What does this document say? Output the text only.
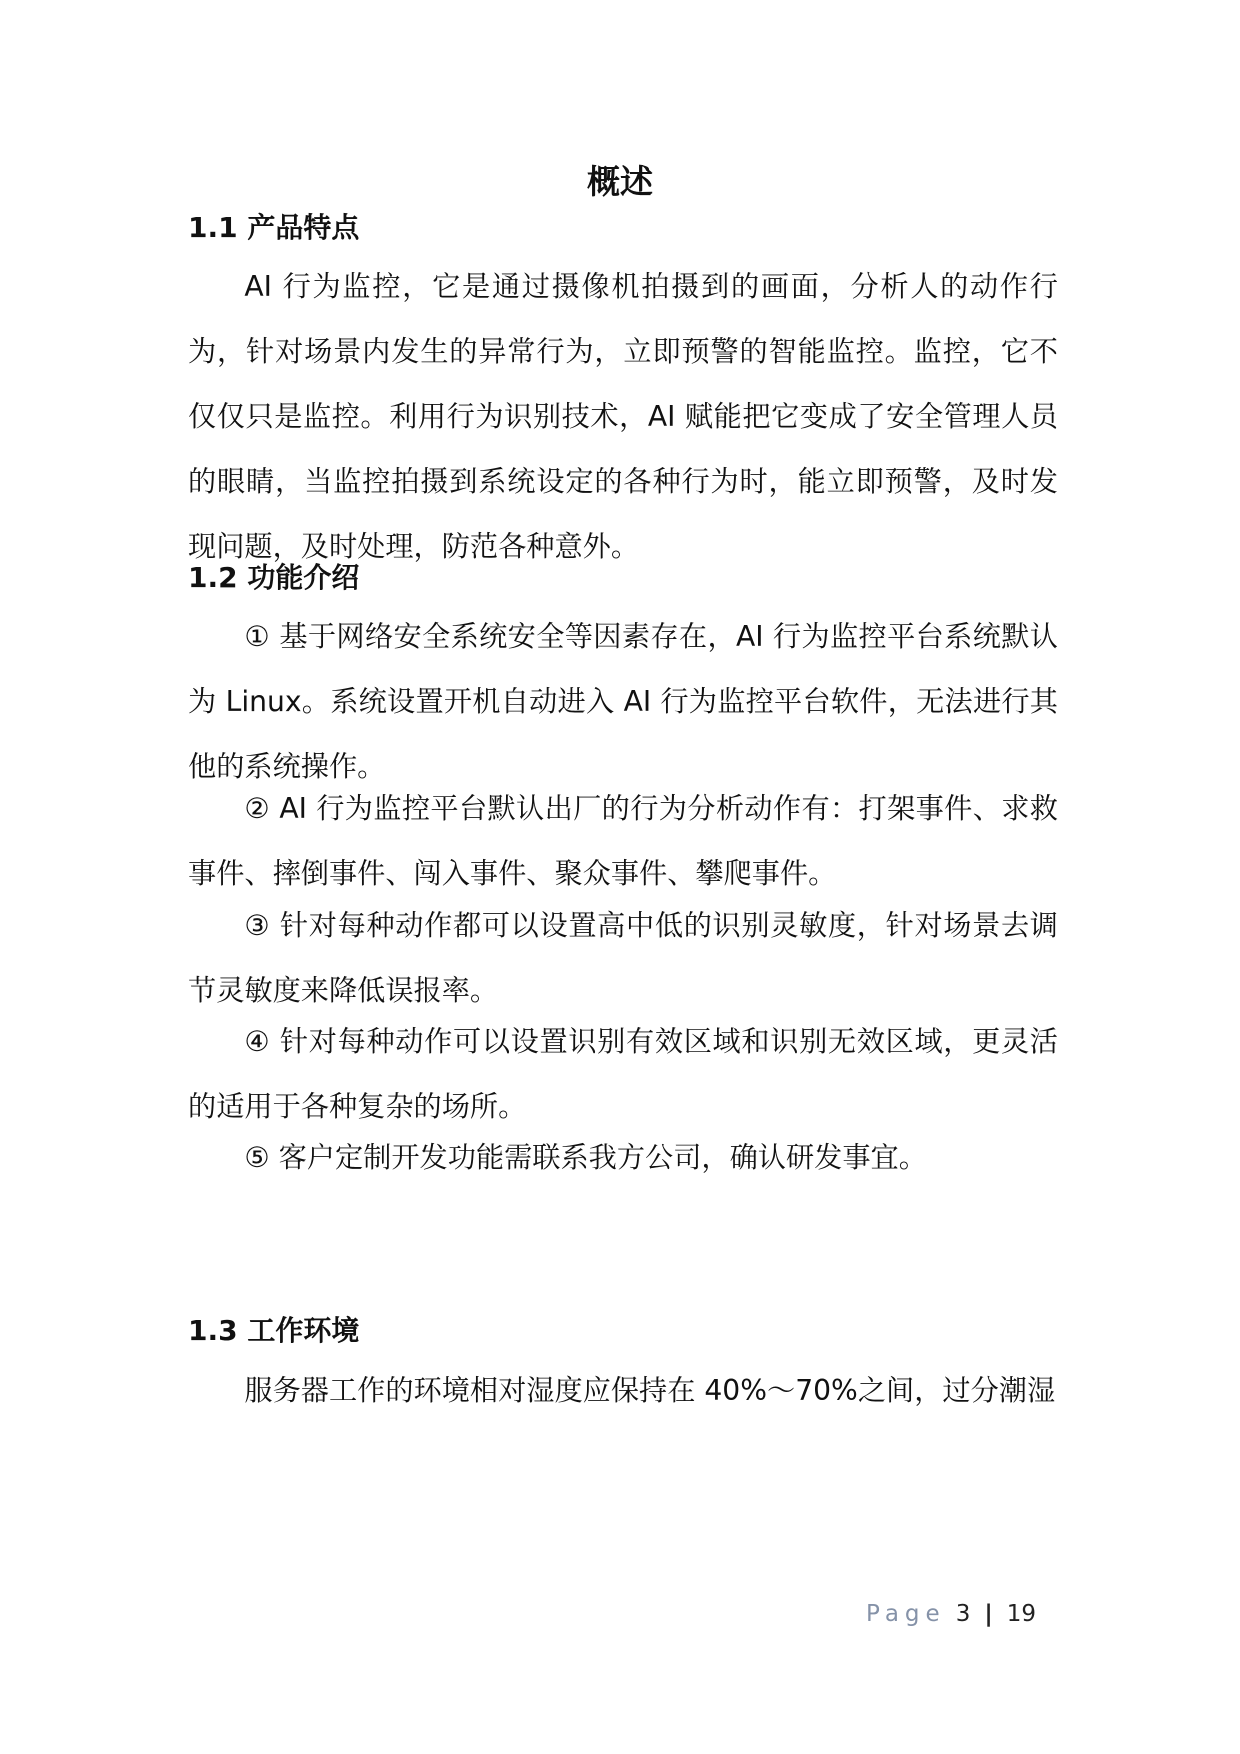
概述
1.1 产品特点
AI 行为监控，它是通过摄像机拍摄到的画面，分析人的动作行为，针对场景内发生的异常行为，立即预警的智能监控。监控，它不仅仅只是监控。利用行为识别技术，AI 赋能把它变成了安全管理人员的眼睛，当监控拍摄到系统设定的各种行为时，能立即预警，及时发现问题，及时处理，防范各种意外。
1.2 功能介绍
① 基于网络安全系统安全等因素存在，AI 行为监控平台系统默认为 Linux。系统设置开机自动进入 AI 行为监控平台软件，无法进行其他的系统操作。
② AI 行为监控平台默认出厂的行为分析动作有：打架事件、求救事件、摔倒事件、闯入事件、聚众事件、攀爬事件。
③ 针对每种动作都可以设置高中低的识别灵敏度，针对场景去调节灵敏度来降低误报率。
④ 针对每种动作可以设置识别有效区域和识别无效区域，更灵活的适用于各种复杂的场所。
⑤ 客户定制开发功能需联系我方公司，确认研发事宜。
1.3 工作环境
服务器工作的环境相对湿度应保持在 40%～70%之间，过分潮湿
Page 3 | 19
